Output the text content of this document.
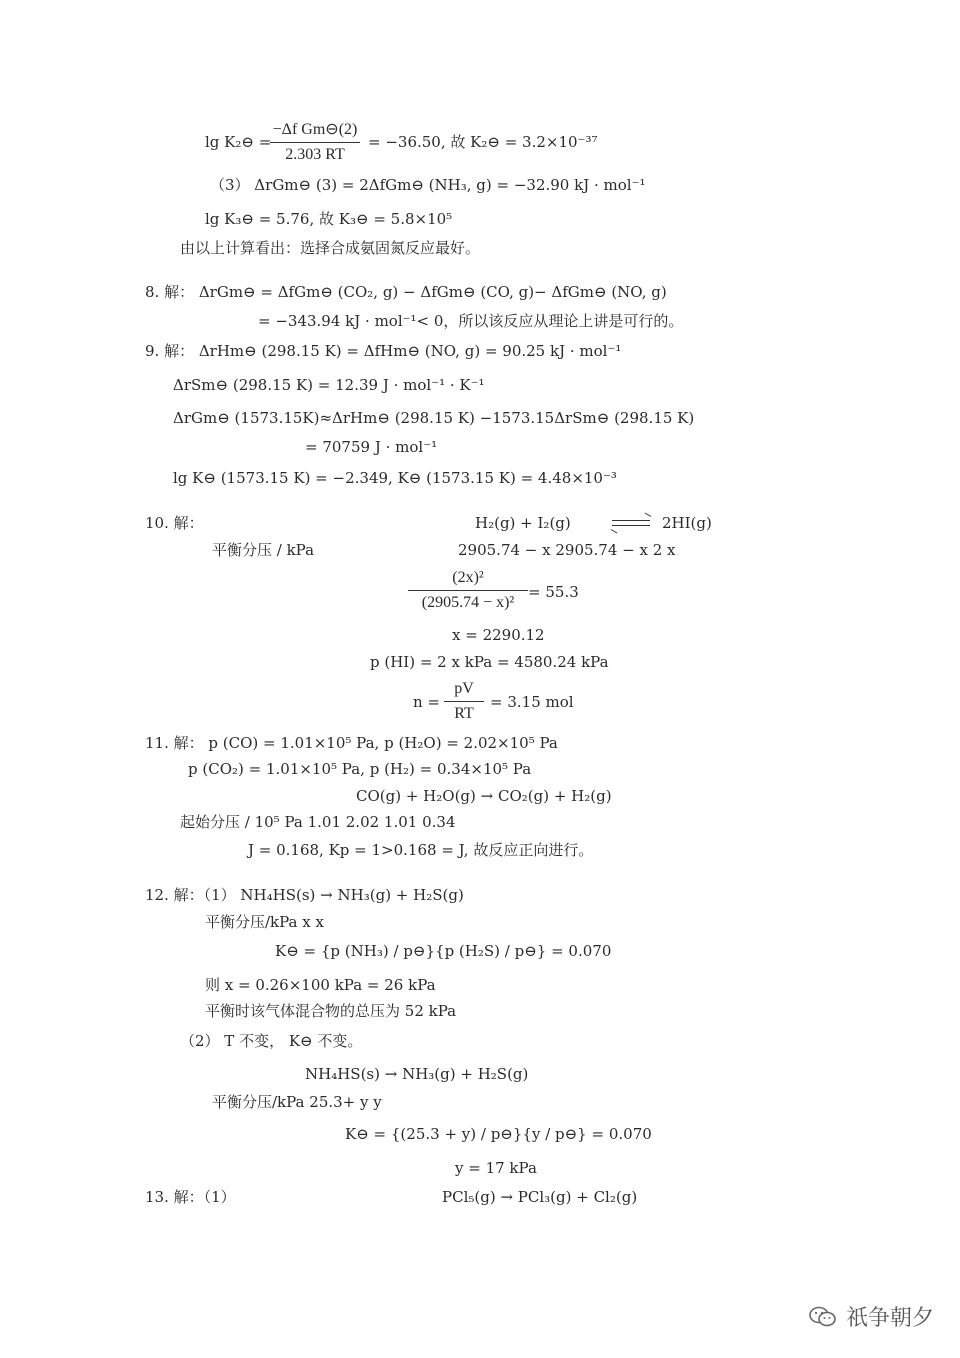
lg K₂⊖ =
−Δf Gm⊖(2)
2.303 RT
= −36.50, 故 K₂⊖ = 3.2×10⁻³⁷
（3） ΔrGm⊖ (3) = 2ΔfGm⊖ (NH₃, g) = −32.90 kJ · mol⁻¹
lg K₃⊖ = 5.76, 故 K₃⊖ = 5.8×10⁵
由以上计算看出：选择合成氨固氮反应最好。
8. 解： ΔrGm⊖ = ΔfGm⊖ (CO₂, g) − ΔfGm⊖ (CO, g)− ΔfGm⊖ (NO, g)
= −343.94 kJ · mol⁻¹< 0，所以该反应从理论上讲是可行的。
9. 解： ΔrHm⊖ (298.15 K) = ΔfHm⊖ (NO, g) = 90.25 kJ · mol⁻¹
ΔrSm⊖ (298.15 K) = 12.39 J · mol⁻¹ · K⁻¹
ΔrGm⊖ (1573.15K)≈ΔrHm⊖ (298.15 K) −1573.15ΔrSm⊖ (298.15 K)
= 70759 J · mol⁻¹
lg K⊖ (1573.15 K) = −2.349, K⊖ (1573.15 K) = 4.48×10⁻³
10. 解：	H₂(g) + I₂(g)	2HI(g)
平衡分压 / kPa	2905.74 − x 2905.74 − x 2 x
(2x)²
(2905.74 − x)²
= 55.3
x = 2290.12
p (HI) = 2 x kPa = 4580.24 kPa
n =
pV
RT
= 3.15 mol
11. 解： p (CO) = 1.01×10⁵ Pa, p (H₂O) = 2.02×10⁵ Pa
p (CO₂) = 1.01×10⁵ Pa, p (H₂) = 0.34×10⁵ Pa
CO(g) + H₂O(g) → CO₂(g) + H₂(g)
起始分压 / 10⁵ Pa 1.01 2.02 1.01 0.34
J = 0.168, Kp = 1>0.168 = J, 故反应正向进行。
12. 解：（1） NH₄HS(s) → NH₃(g) + H₂S(g)
平衡分压/kPa x x
K⊖ = {p (NH₃) / p⊖}{p (H₂S) / p⊖} = 0.070
则 x = 0.26×100 kPa = 26 kPa
平衡时该气体混合物的总压为 52 kPa
（2） T 不变， K⊖ 不变。
NH₄HS(s) → NH₃(g) + H₂S(g)
平衡分压/kPa 25.3+ y y
K⊖ = {(25.3 + y) / p⊖}{y / p⊖} = 0.070
y = 17 kPa
13. 解：（1）	PCl₅(g) → PCl₃(g) + Cl₂(g)
祇争朝夕
